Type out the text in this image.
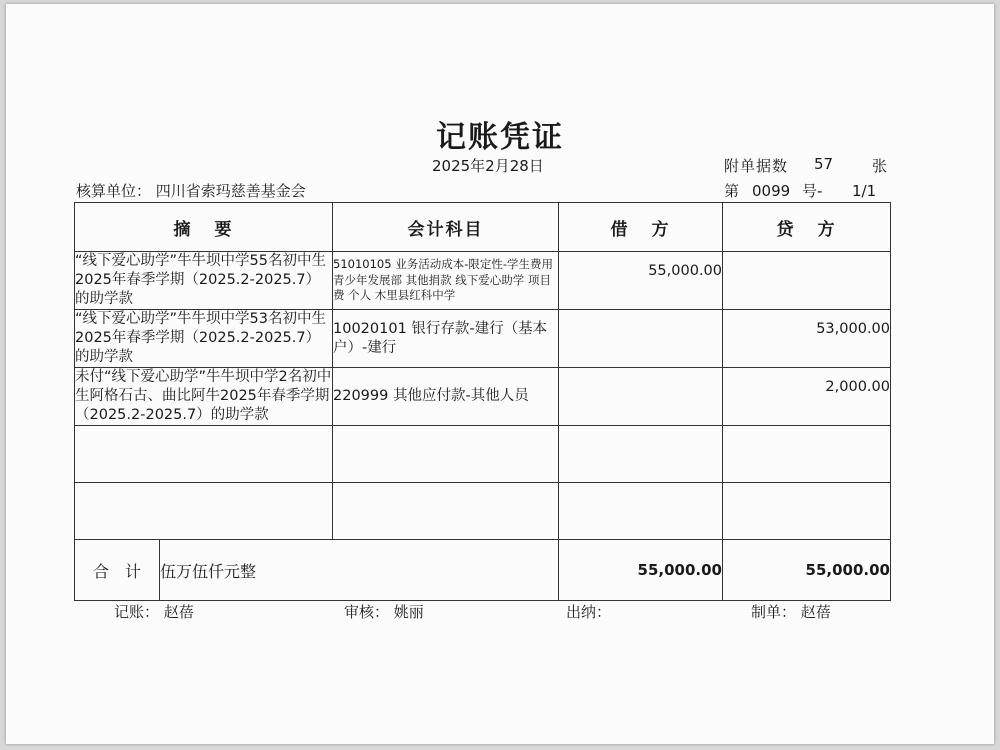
记账凭证
2025年2月28日	附单据数 57	张
核算单位： 四川省索玛慈善基金会	第 0099 号- 1/1
摘 要	会计科目	借 方	贷 方
“线下爱心助学”牛牛坝中学55名初中生2025年春季学期（2025.2-2025.7）的助学款	51010105 业务活动成本-限定性-学生费用 青少年发展部 其他捐款 线下爱心助学 项目费 个人 木里县红科中学	55,000.00	
“线下爱心助学”牛牛坝中学53名初中生2025年春季学期（2025.2-2025.7）的助学款	10020101 银行存款-建行（基本户）-建行		53,000.00
未付“线下爱心助学”牛牛坝中学2名初中生阿格石古、曲比阿牛2025年春季学期（2025.2-2025.7）的助学款	220999 其他应付款-其他人员		2,000.00

合 计 伍万伍仟元整		55,000.00	55,000.00
记账： 赵蓓	审核： 姚丽	出纳：	制单： 赵蓓
